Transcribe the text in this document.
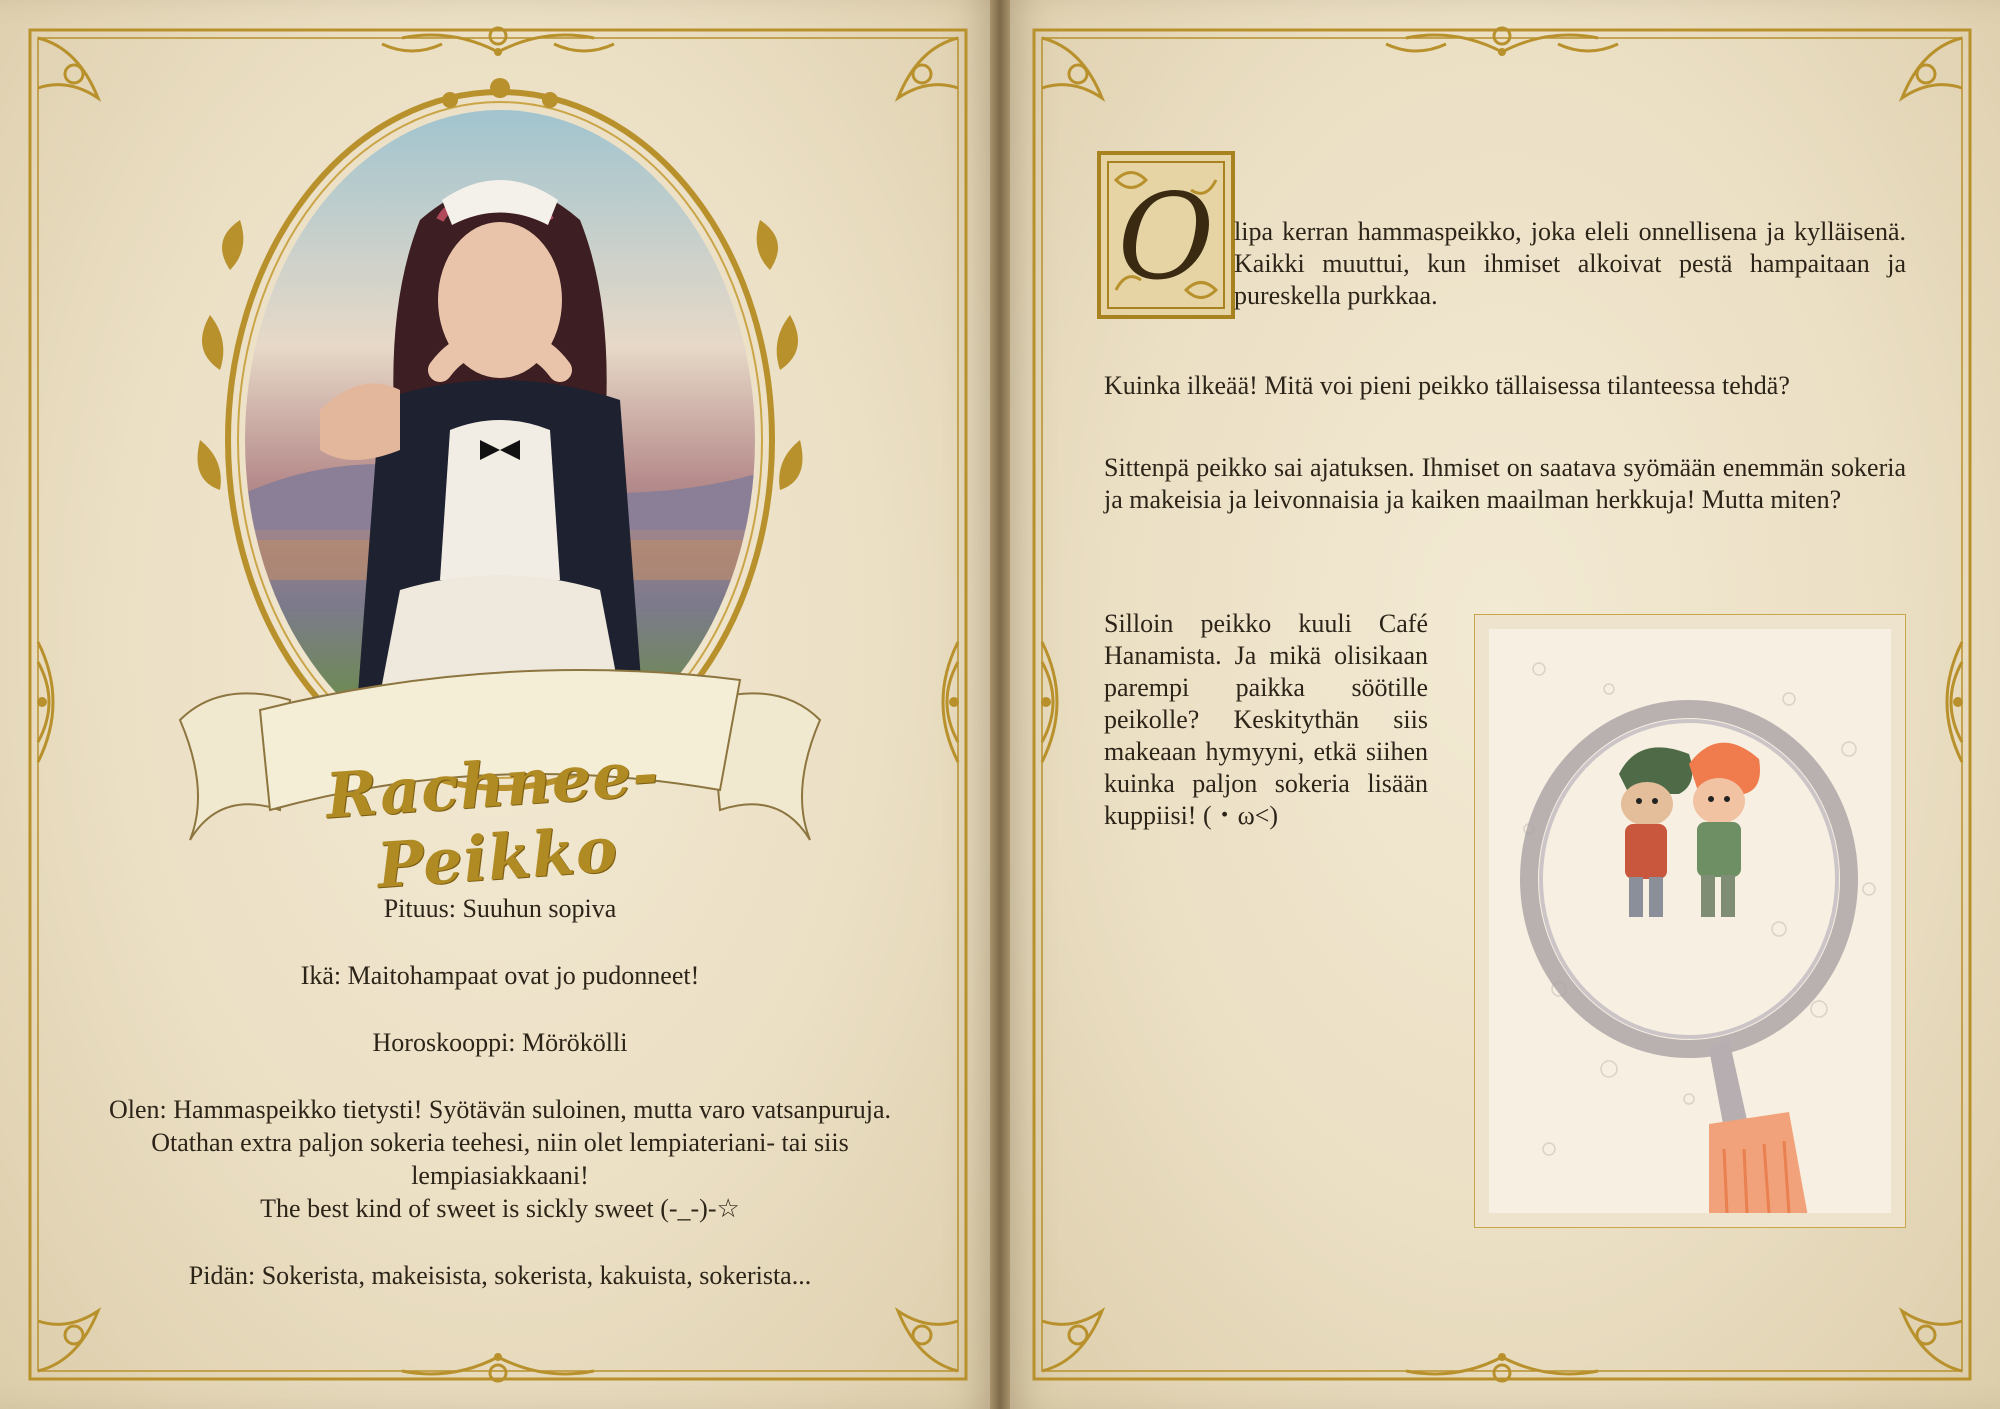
Rachnee-Peikko

Pituus: Suuhun sopiva

Ikä: Maitohampaat ovat jo pudonneet!

Horoskooppi: Mörökölli

Olen: Hammaspeikko tietysti! Syötävän suloinen, mutta varo vatsanpuruja. Otathan extra paljon sokeria teehesi, niin olet lempiateriani- tai siis lempiasiakkaani!

The best kind of sweet is sickly sweet (‐_‐)-☆

Pidän: Sokerista, makeisista, sokerista, kakuista, sokerista...

O lipa kerran hammaspeikko, joka eleli onnellisena ja kylläisenä. Kaikki muuttui, kun ihmiset alkoivat pestä hampaitaan ja pureskella purkkaa.
Kuinka ilkeää! Mitä voi pieni peikko tällaisessa tilanteessa tehdä?
Sittenpä peikko sai ajatuksen. Ihmiset on saatava syömään enemmän sokeria ja makeisia ja leivonnaisia ja kaiken maailman herkkuja! Mutta miten?
Silloin peikko kuuli Café Hanamista. Ja mikä olisikaan parempi paikka söötille peikolle? Keskitythän siis makeaan hymyyni, etkä siihen kuinka paljon sokeria lisään kuppiisi! (・ω<)
